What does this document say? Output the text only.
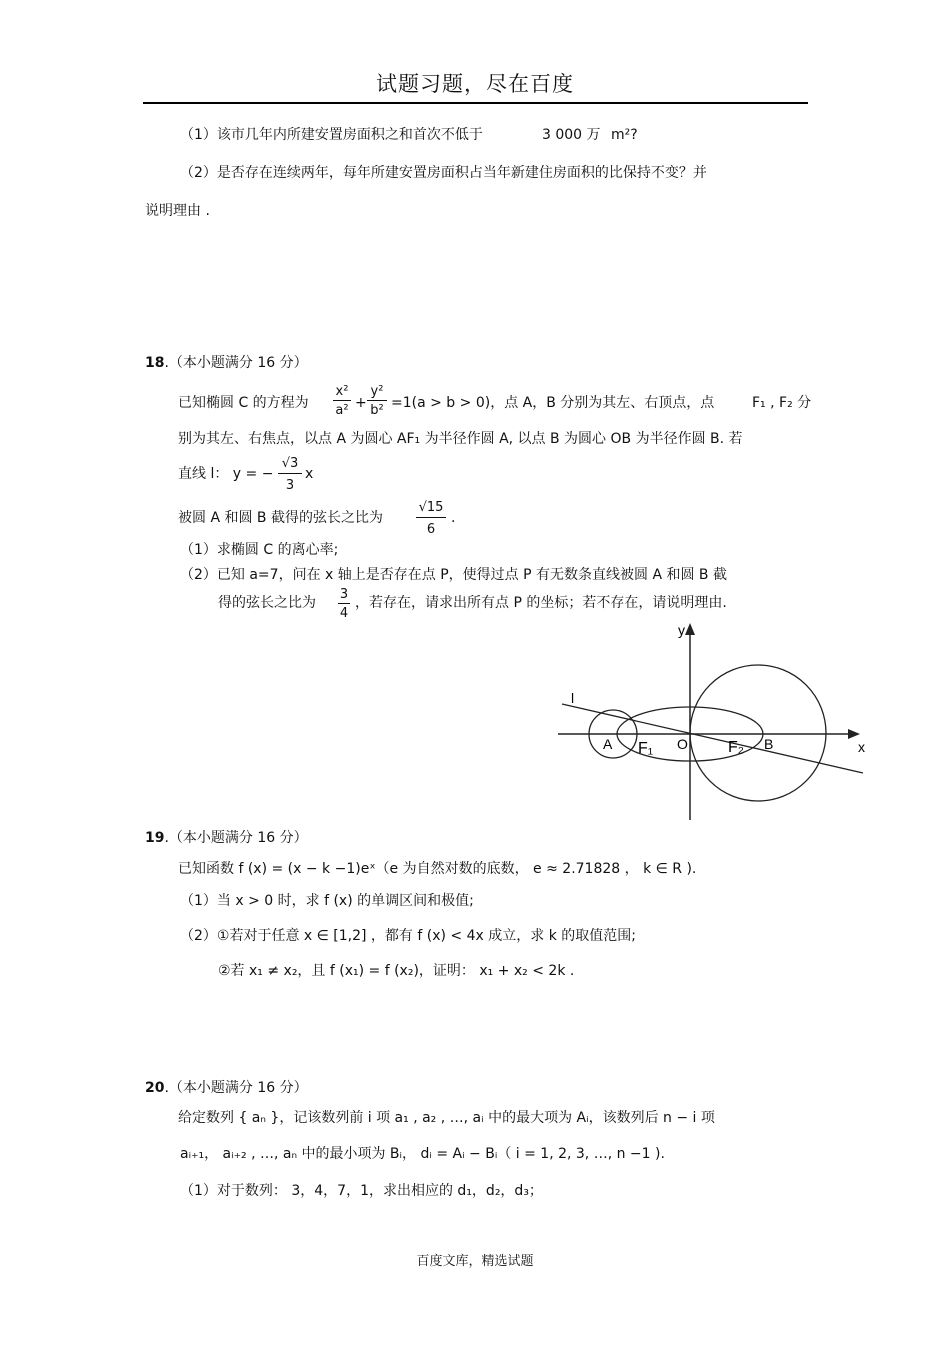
试题习题，尽在百度
（1）该市几年内所建安置房面积之和首次不低于	3 000 万 m²?
（2）是否存在连续两年，每年所建安置房面积占当年新建住房面积的比保持不变？并
说明理由 .
18.（本小题满分 16 分）
已知椭圆 C 的方程为
x²
a² +
y²
b² =1(a > b > 0)，点 A，B 分别为其左、右顶点，点	F₁ , F₂ 分
别为其左、右焦点，以点 A 为圆心 AF₁ 为半径作圆 A, 以点 B 为圆心 OB 为半径作圆 B. 若
直线 l： y = −
√3
3
x
被圆 A 和圆 B 截得的弦长之比为
√15
6
.
（1）求椭圆 C 的离心率;
（2）已知 a=7，问在 x 轴上是否存在点 P，使得过点 P 有无数条直线被圆 A 和圆 B 截
得的弦长之比为
3
4
，若存在，请求出所有点 P 的坐标；若不存在，请说明理由.
y
x
l
A F₁ O	F₂ B
19.（本小题满分 16 分）
已知函数 f (x) = (x − k −1)eˣ（e 为自然对数的底数， e ≈ 2.71828 ， k ∈ R ).
（1）当 x > 0 时，求 f (x) 的单调区间和极值;
（2）①若对于任意 x ∈ [1,2] ，都有 f (x) < 4x 成立，求 k 的取值范围;
②若 x₁ ≠ x₂，且 f (x₁) = f (x₂)，证明： x₁ + x₂ < 2k .
20.（本小题满分 16 分）
给定数列 { aₙ }，记该数列前 i 项 a₁ , a₂ , …, aᵢ 中的最大项为 Aᵢ，该数列后 n − i 项
aᵢ₊₁， aᵢ₊₂ , …, aₙ 中的最小项为 Bᵢ， dᵢ = Aᵢ − Bᵢ（ i = 1, 2, 3, …, n −1 ).
（1）对于数列： 3，4，7，1，求出相应的 d₁，d₂，d₃；
百度文库，精选试题
